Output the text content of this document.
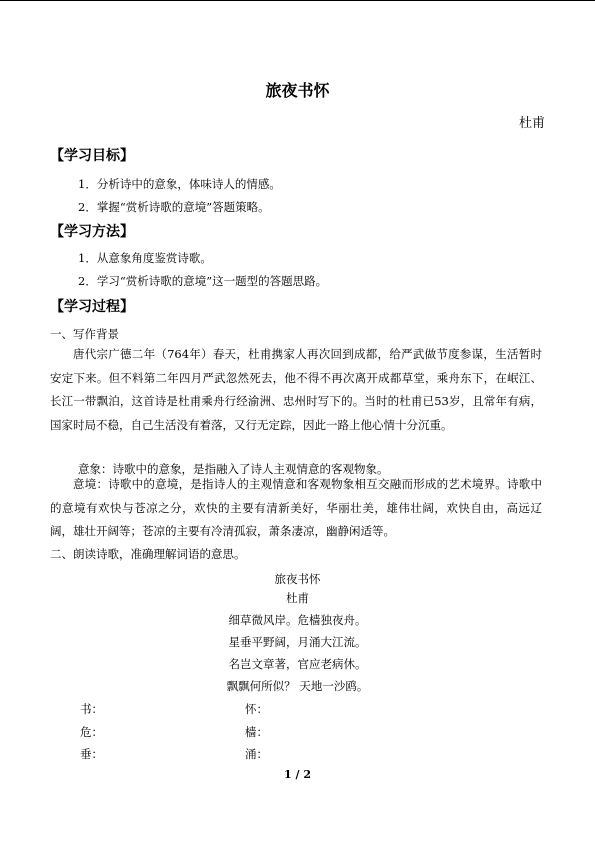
旅夜书怀
杜甫
【学习目标】
1．分析诗中的意象，体味诗人的情感。
2．掌握“赏析诗歌的意境”答题策略。
【学习方法】
1．从意象角度鉴赏诗歌。
2．学习“赏析诗歌的意境”这一题型的答题思路。
【学习过程】
一、写作背景

唐代宗广德二年（764年）春天，杜甫携家人再次回到成都，给严武做节度参谋，生活暂时安定下来。但不料第二年四月严武忽然死去，他不得不再次离开成都草堂，乘舟东下，在岷江、长江一带飘泊，这首诗是杜甫乘舟行经渝洲、忠州时写下的。当时的杜甫已53岁，且常年有病，国家时局不稳，自己生活没有着落，又行无定踪，因此一路上他心情十分沉重。

意象：诗歌中的意象，是指融入了诗人主观情意的客观物象。

意境：诗歌中的意境，是指诗人的主观情意和客观物象相互交融而形成的艺术境界。诗歌中的意境有欢快与苍凉之分，欢快的主要有清新美好，华丽壮美，雄伟壮阔，欢快自由，高远辽阔，雄壮开阔等；苍凉的主要有冷清孤寂，萧条凄凉，幽静闲适等。

二、朗读诗歌，准确理解词语的意思。
旅夜书怀
杜甫
细草微风岸。危樯独夜舟。
星垂平野阔，月涌大江流。
名岂文章著，官应老病休。
飘飘何所似？ 天地一沙鸥。
书：	怀：
危：	樯：
垂：	涌：
1 / 2
